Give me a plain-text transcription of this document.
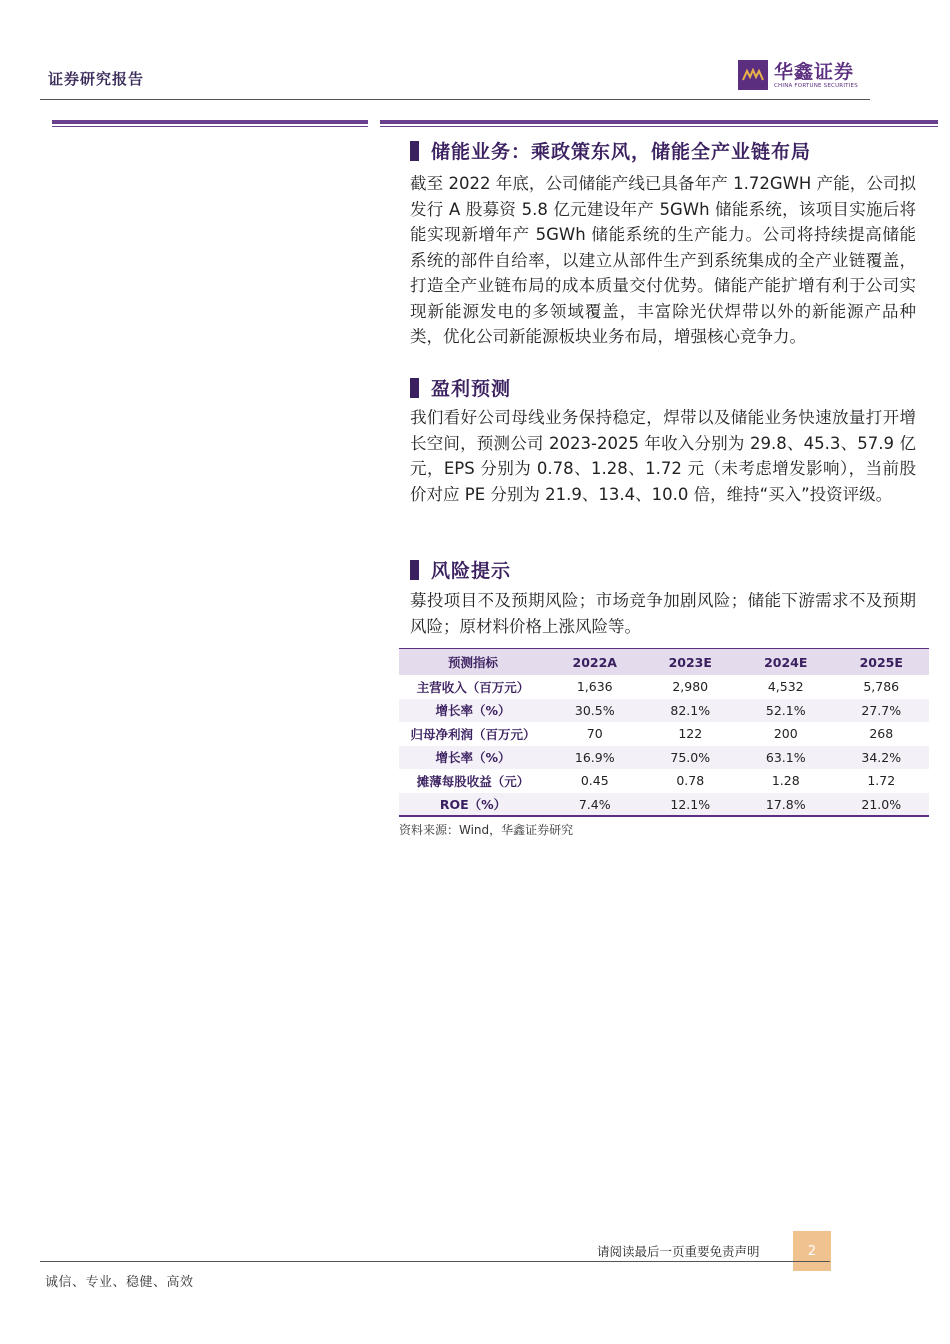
证券研究报告	华鑫证券
CHINA FORTUNE SECURITIES
储能业务：乘政策东风，储能全产业链布局
截至 2022 年底，公司储能产线已具备年产 1.72GWH 产能，公司拟发行 A 股募资 5.8 亿元建设年产 5GWh 储能系统，该项目实施后将能实现新增年产 5GWh 储能系统的生产能力。公司将持续提高储能系统的部件自给率，以建立从部件生产到系统集成的全产业链覆盖，打造全产业链布局的成本质量交付优势。储能产能扩增有利于公司实现新能源发电的多领域覆盖，丰富除光伏焊带以外的新能源产品种类，优化公司新能源板块业务布局，增强核心竞争力。
盈利预测
我们看好公司母线业务保持稳定，焊带以及储能业务快速放量打开增长空间，预测公司 2023-2025 年收入分别为 29.8、45.3、57.9 亿元，EPS 分别为 0.78、1.28、1.72 元（未考虑增发影响），当前股价对应 PE 分别为 21.9、13.4、10.0 倍，维持“买入”投资评级。
风险提示
募投项目不及预期风险；市场竞争加剧风险；储能下游需求不及预期风险；原材料价格上涨风险等。
预测指标	2022A	2023E	2024E	2025E
主营收入（百万元）	1,636	2,980	4,532	5,786
增长率（%）	30.5%	82.1%	52.1%	27.7%
归母净利润（百万元）	70	122	200	268
增长率（%）	16.9%	75.0%	63.1%	34.2%
摊薄每股收益（元）	0.45	0.78	1.28	1.72
ROE（%）	7.4%	12.1%	17.8%	21.0%
资料来源：Wind，华鑫证券研究
请阅读最后一页重要免责声明	2
诚信、专业、稳健、高效
